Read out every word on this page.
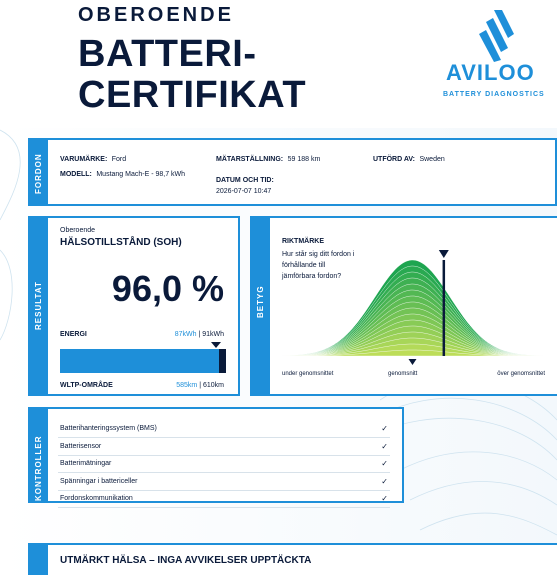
OBEROENDE
BATTERI-
CERTIFIKAT
AVILOO
BATTERY DIAGNOSTICS
FORDON VARUMÄRKE: Ford
MODELL: Mustang Mach-E - 98,7 kWh
MÄTARSTÄLLNING: 59 188 km	UTFÖRD AV: Sweden
DATUM OCH TID:
2026-07-07 10:47
RESULTAT
Oberoende
HÄLSOTILLSTÅND (SOH)
96,0 %
ENERGI	87kWh | 91kWh
WLTP-OMRÅDE	585km | 610km
BETYG
RIKTMÄRKE
Hur står sig ditt fordon i
förhållande till
jämförbara fordon?
under genomsnittet	genomsnitt	över genomsnittet
KONTROLLER
Batterihanteringssystem (BMS)	✓
Batterisensor	✓
Batterimätningar	✓
Spänningar i battericeller	✓
Fordonskommunikation	✓
UTMÄRKT HÄLSA – INGA AVVIKELSER UPPTÄCKTA
